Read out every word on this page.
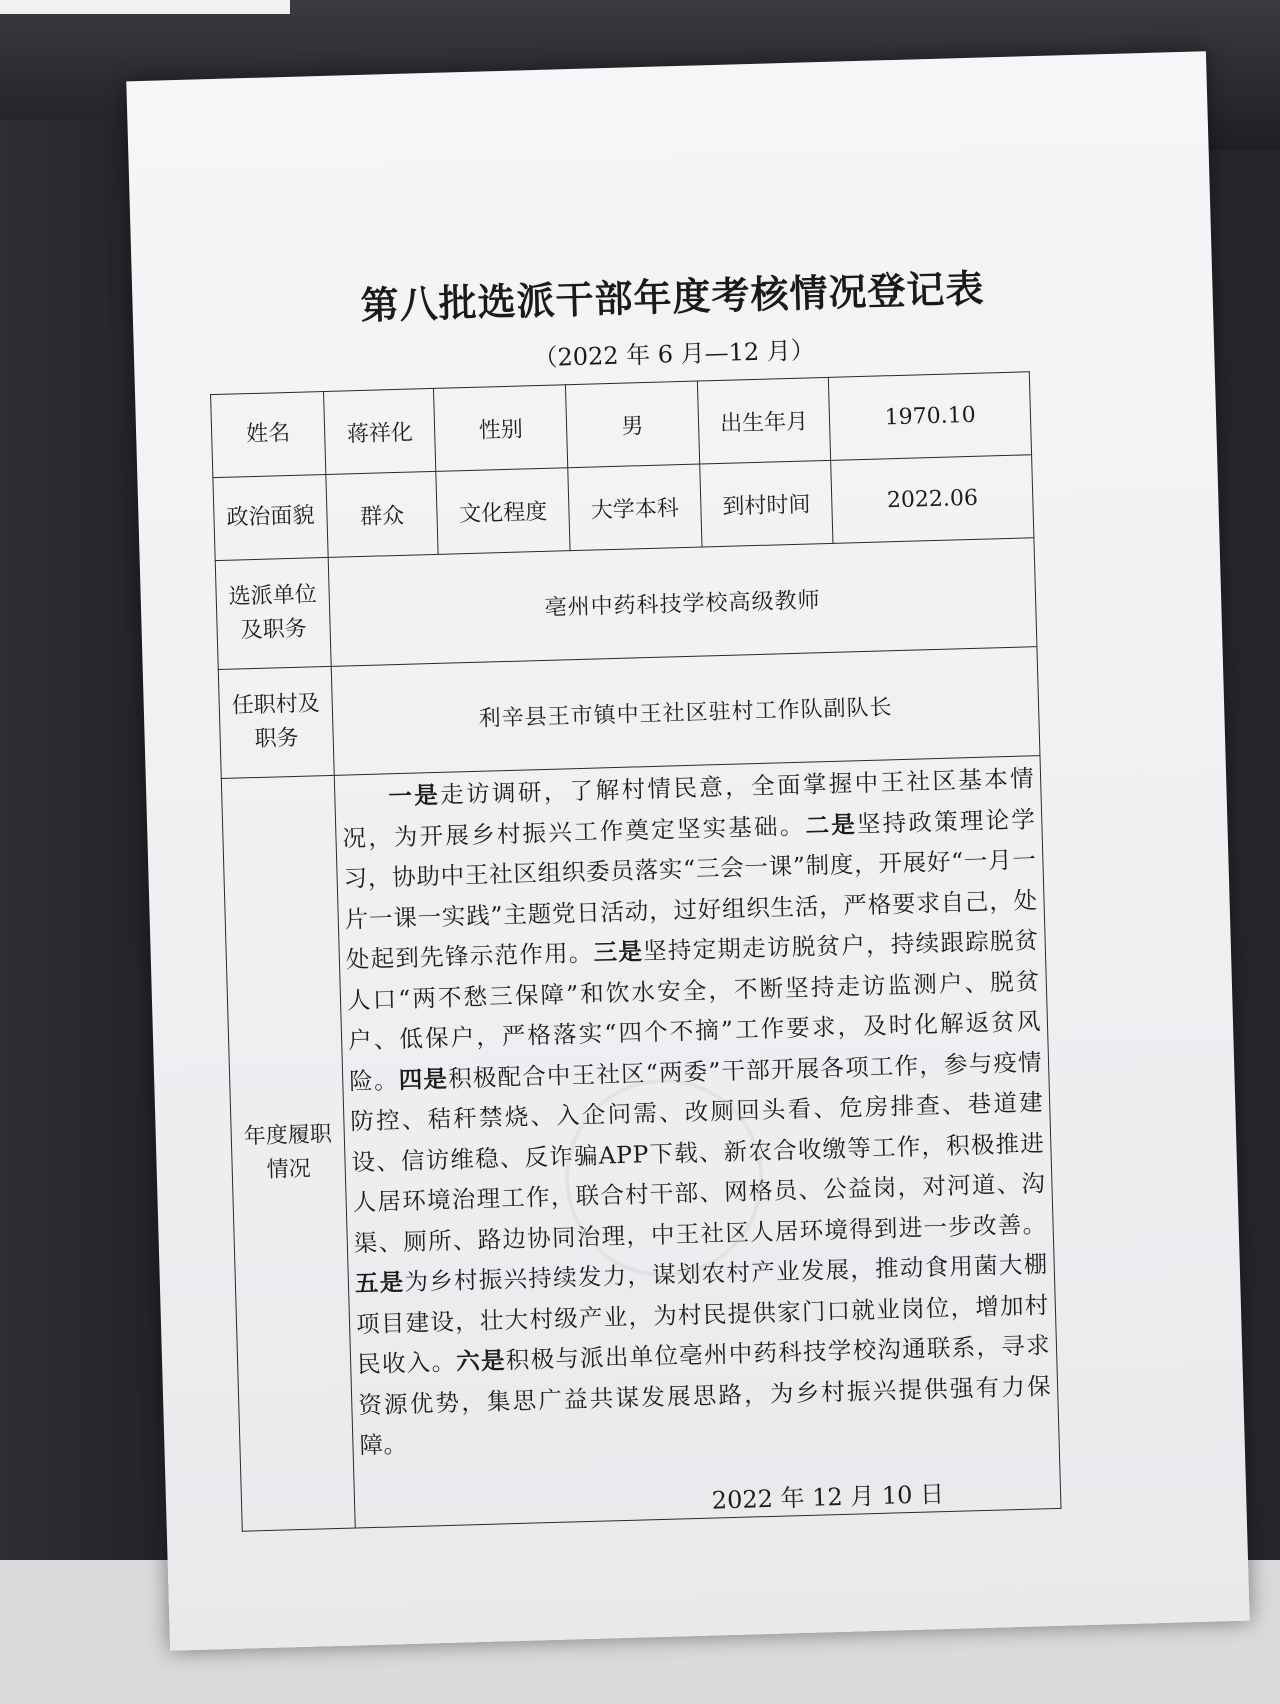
第八批选派干部年度考核情况登记表
（2022 年 6 月—12 月）
姓名	蒋祥化	性别	男	出生年月	1970.10
政治面貌	群众	文化程度	大学本科	到村时间	2022.06
选派单位及职务	亳州中药科技学校高级教师				
任职村及职务	利辛县王市镇中王社区驻村工作队副队长				
年度履职情况	一是走访调研，了解村情民意，全面掌握中王社区基本情况，为开展乡村振兴工作奠定坚实基础。二是坚持政策理论学习，协助中王社区组织委员落实“三会一课”制度，开展好“一月一片一课一实践”主题党日活动，过好组织生活，严格要求自己，处处起到先锋示范作用。三是坚持定期走访脱贫户，持续跟踪脱贫人口“两不愁三保障”和饮水安全，不断坚持走访监测户、脱贫户、低保户，严格落实“四个不摘”工作要求，及时化解返贫风险。四是积极配合中王社区“两委”干部开展各项工作，参与疫情防控、秸秆禁烧、入企问需、改厕回头看、危房排查、巷道建设、信访维稳、反诈骗APP下载、新农合收缴等工作，积极推进人居环境治理工作，联合村干部、网格员、公益岗，对河道、沟渠、厕所、路边协同治理，中王社区人居环境得到进一步改善。五是为乡村振兴持续发力，谋划农村产业发展，推动食用菌大棚项目建设，壮大村级产业，为村民提供家门口就业岗位，增加村民收入。六是积极与派出单位亳州中药科技学校沟通联系，寻求资源优势，集思广益共谋发展思路，为乡村振兴提供强有力保障。

2022 年 12 月 10 日				
